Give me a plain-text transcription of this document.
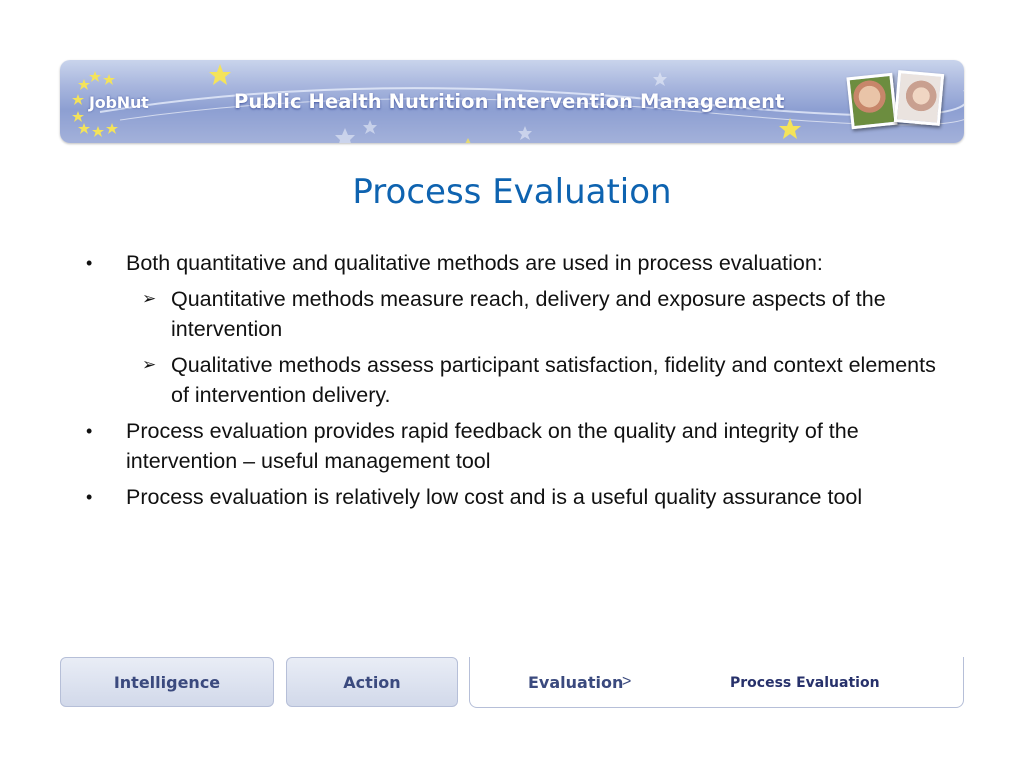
JobNut	Public Health Nutrition Intervention Management
Process Evaluation
• Both quantitative and qualitative methods are used in process evaluation:
➢ Quantitative methods measure reach, delivery and exposure aspects of the intervention
➢ Qualitative methods assess participant satisfaction, fidelity and context elements of intervention delivery.
• Process evaluation provides rapid feedback on the quality and integrity of the intervention – useful management tool
• Process evaluation is relatively low cost and is a useful quality assurance tool
Intelligence	Action	Evaluation
>	Process Evaluation
